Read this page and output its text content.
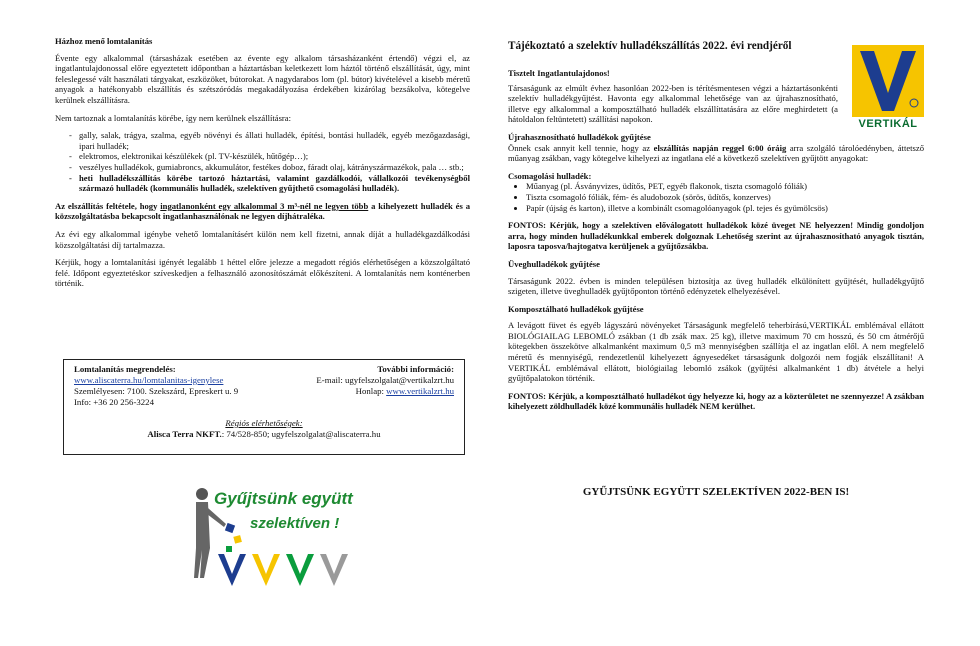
Házhoz menő lomtalanítás

Évente egy alkalommal (társasházak esetében az évente egy alkalom társasházanként értendő) végzi el, az ingatlantulajdonossal előre egyeztetett időpontban a háztartásban keletkezett lom háztól történő elszállítását, úgy, mint feleslegessé vált használati tárgyakat, eszközöket, bútorokat. A nagydarabos lom (pl. bútor) kivételével a kisebb méretű anyagok a hatékonyabb elszállítás és szétszóródás megakadályozása érdekében kizárólag bezsákolva, kötegelve kerülnek elszállításra.

Nem tartoznak a lomtalanítás körébe, így nem kerülnek elszállításra:

- gally, salak, trágya, szalma, egyéb növényi és állati hulladék, építési, bontási hulladék, egyéb mezőgazdasági, ipari hulladék;
- elektromos, elektronikai készülékek (pl. TV-készülék, hűtőgép…);
- veszélyes hulladékok, gumiabroncs, akkumulátor, festékes doboz, fáradt olaj, kátrányszármazékok, pala … stb.;
- heti hulladékszállítás körébe tartozó háztartási, valamint gazdálkodói, vállalkozói tevékenységből származó hulladék (kommunális hulladék, szelektíven gyűjthető csomagolási hulladék).

Az elszállítás feltétele, hogy ingatlanonként egy alkalommal 3 m³-nél ne legyen több a kihelyezett hulladék és a közszolgáltatásba bekapcsolt ingatlanhasználónak ne legyen díjhátraléka.

Az évi egy alkalommal igénybe vehető lomtalanításért külön nem kell fizetni, annak díját a hulladékgazdálkodási közszolgáltatási díj tartalmazza.

Kérjük, hogy a lomtalanítási igényét legalább 1 héttel előre jelezze a megadott régiós elérhetőségen a közszolgáltató felé. Időpont egyeztetéskor szíveskedjen a felhasználó azonosítószámát előkészíteni. A lomtalanítás nem konténerben történik.

Lomtalanítás megrendelés:	További információ:
www.aliscaterra.hu/lomtalanitas-igenylese	E-mail: ugyfelszolgalat@vertikalzrt.hu
Szemlélyesen: 7100. Szekszárd, Epreskert u. 9	Honlap: www.vertikalzrt.hu
Info: +36 20 256-3224
Régiós elérhetőségek:
Alisca Terra NKFT.: 74/528-850; ugyfelszolgalat@aliscaterra.hu
Gyűjtsünk együtt
szelektíven !
Tájékoztató a szelektív hulladékszállítás 2022. évi rendjéről
VERTIKÁL
Tisztelt Ingatlantulajdonos!

Társaságunk az elmúlt évhez hasonlóan 2022-ben is térítésmentesen végzi a háztartásonkénti szelektív hulladékgyűjtést. Havonta egy alkalommal lehetősége van az újrahasznosítható, illetve egy alkalommal a komposztálható hulladék elszállíttatására az előre meghirdetett (a hátoldalon feltüntetett) szállítási napokon.

Újrahasznosítható hulladékok gyűjtése

Önnek csak annyit kell tennie, hogy az elszállítás napján reggel 6:00 óráig arra szolgáló tárolóedényben, áttetsző műanyag zsákban, vagy kötegelve kihelyezi az ingatlana elé a következő szelektíven gyűjtött anyagokat:

Csomagolási hulladék:
• Műanyag (pl. Ásványvizes, üdítős, PET, egyéb flakonok, tiszta csomagoló fóliák)
• Tiszta csomagoló fóliák, fém- és aludobozok (sörös, üdítős, konzerves)
• Papír (újság és karton), illetve a kombinált csomagolóanyagok (pl. tejes és gyümölcsös)

FONTOS: Kérjük, hogy a szelektíven előválogatott hulladékok közé üveget NE helyezzen! Mindig gondoljon arra, hogy minden hulladékunkkal emberek dolgoznak Lehetőség szerint az újrahasznosítható anyagok tisztán, laposra taposva/hajtogatva kerüljenek a gyűjtőzsákba.

Üveghulladékok gyűjtése

Társaságunk 2022. évben is minden településen biztosítja az üveg hulladék elkülönített gyűjtését, hulladékgyűjtő szigeten, illetve üveghulladék gyűjtőponton történő edényzetek elhelyezésével.

Komposztálható hulladékok gyűjtése

A levágott füvet és egyéb lágyszárú növényeket Társaságunk megfelelő teherbírású,VERTIKÁL emblémával ellátott BIOLÓGIAILAG LEBOMLÓ zsákban (1 db zsák max. 25 kg), illetve maximum 70 cm hosszú, és 50 cm átmérőjű kötegekben összekötve alkalmanként maximum 0,5 m3 mennyiségben szállítja el az ingatlan elől. A nem megfelelő méretű és mennyiségű, rendezetlenül kihelyezett ágnyesedéket társaságunk dolgozói nem fogják elszállítani! A VERTIKÁL emblémával ellátott, biológiailag lebomló zsákok (gyűjtési alkalmanként 1 db) átvétele a helyi gyűjtőpalatokon történik.

FONTOS: Kérjük, a komposztálható hulladékot úgy helyezze ki, hogy az a közterületet ne szennyezze! A zsákban kihelyezett zöldhulladék közé kommunális hulladék NEM kerülhet.

GYŰJTSÜNK EGYÜTT SZELEKTÍVEN 2022-BEN IS!
